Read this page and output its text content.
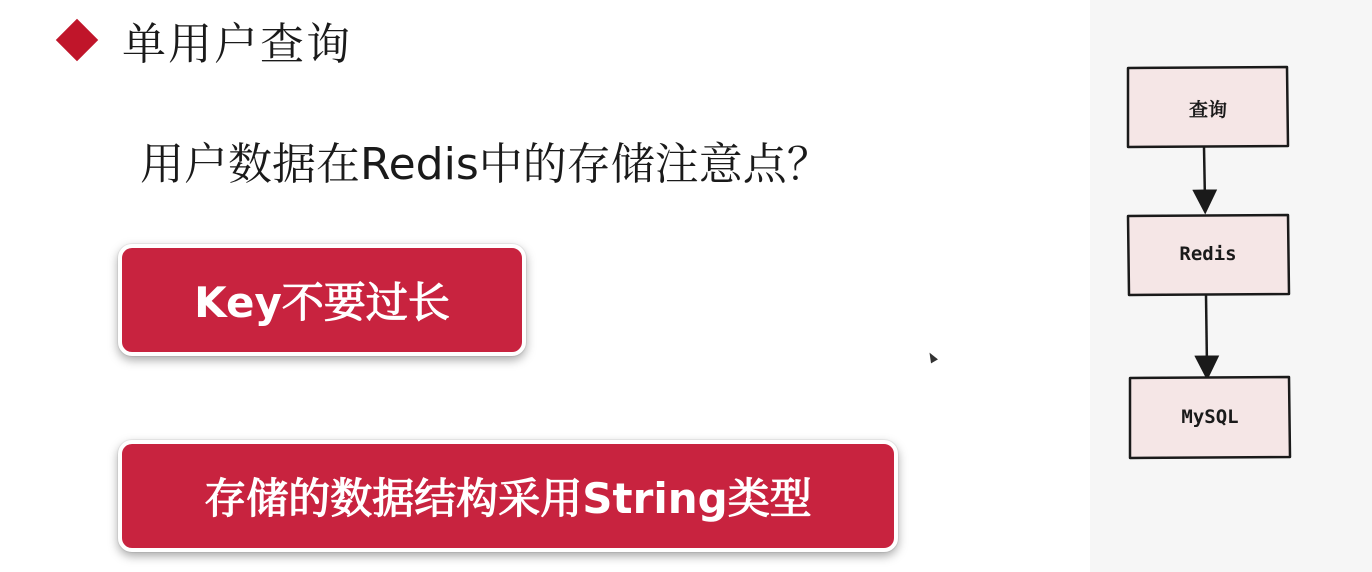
单用户查询
用户数据在Redis中的存储注意点？
Key不要过长
存储的数据结构采用String类型
查询
Redis
MySQL
